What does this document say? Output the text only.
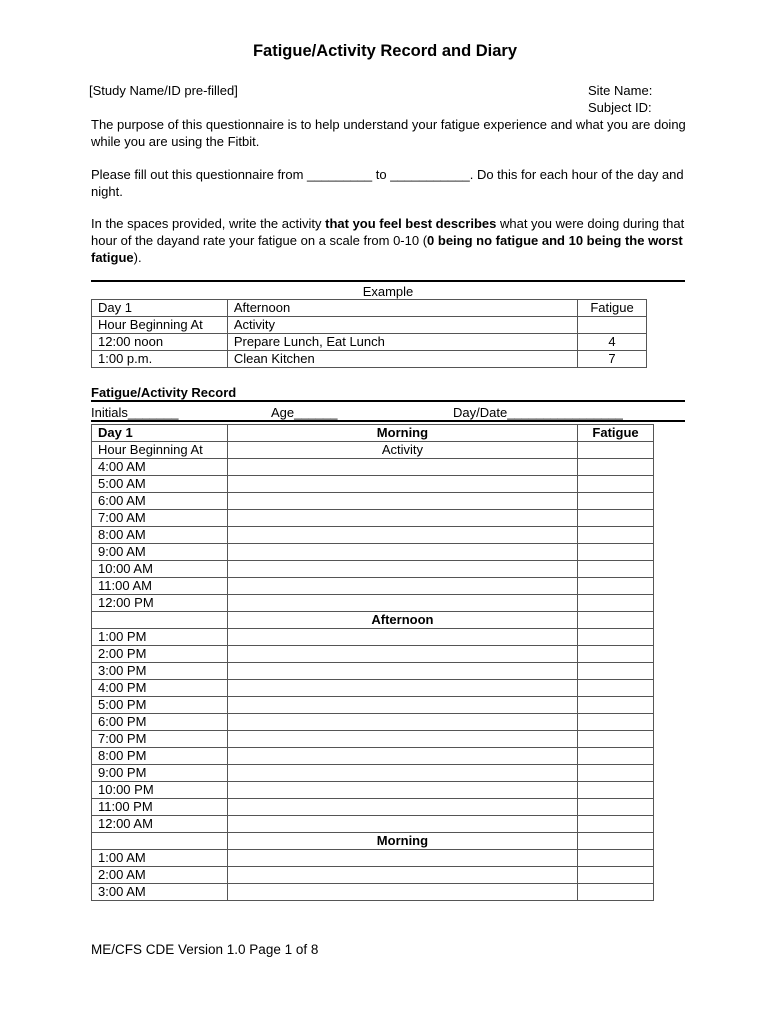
Fatigue/Activity Record and Diary
[Study Name/ID pre-filled]	Site Name:
Subject ID:
The purpose of this questionnaire is to help understand your fatigue experience and what you are doing while you are using the Fitbit.
Please fill out this questionnaire from _________ to ___________. Do this for each hour of the day and night.
In the spaces provided, write the activity that you feel best describes what you were doing during that hour of the dayand rate your fatigue on a scale from 0-10 (0 being no fatigue and 10 being the worst fatigue).
Example
Day 1	Afternoon	Fatigue
Hour Beginning At	Activity	
12:00 noon	Prepare Lunch, Eat Lunch	4
1:00 p.m.	Clean Kitchen	7
Fatigue/Activity Record
Initials_______	Age______	Day/Date________________
Day 1	Morning	Fatigue
Hour Beginning At	Activity	
4:00 AM		
5:00 AM		
6:00 AM		
7:00 AM		
8:00 AM		
9:00 AM		
10:00 AM		
11:00 AM		
12:00 PM		
	Afternoon	
1:00 PM		
2:00 PM		
3:00 PM		
4:00 PM		
5:00 PM		
6:00 PM		
7:00 PM		
8:00 PM		
9:00 PM		
10:00 PM		
11:00 PM		
12:00 AM		
	Morning	
1:00 AM		
2:00 AM		
3:00 AM		
ME/CFS CDE Version 1.0 Page 1 of 8
